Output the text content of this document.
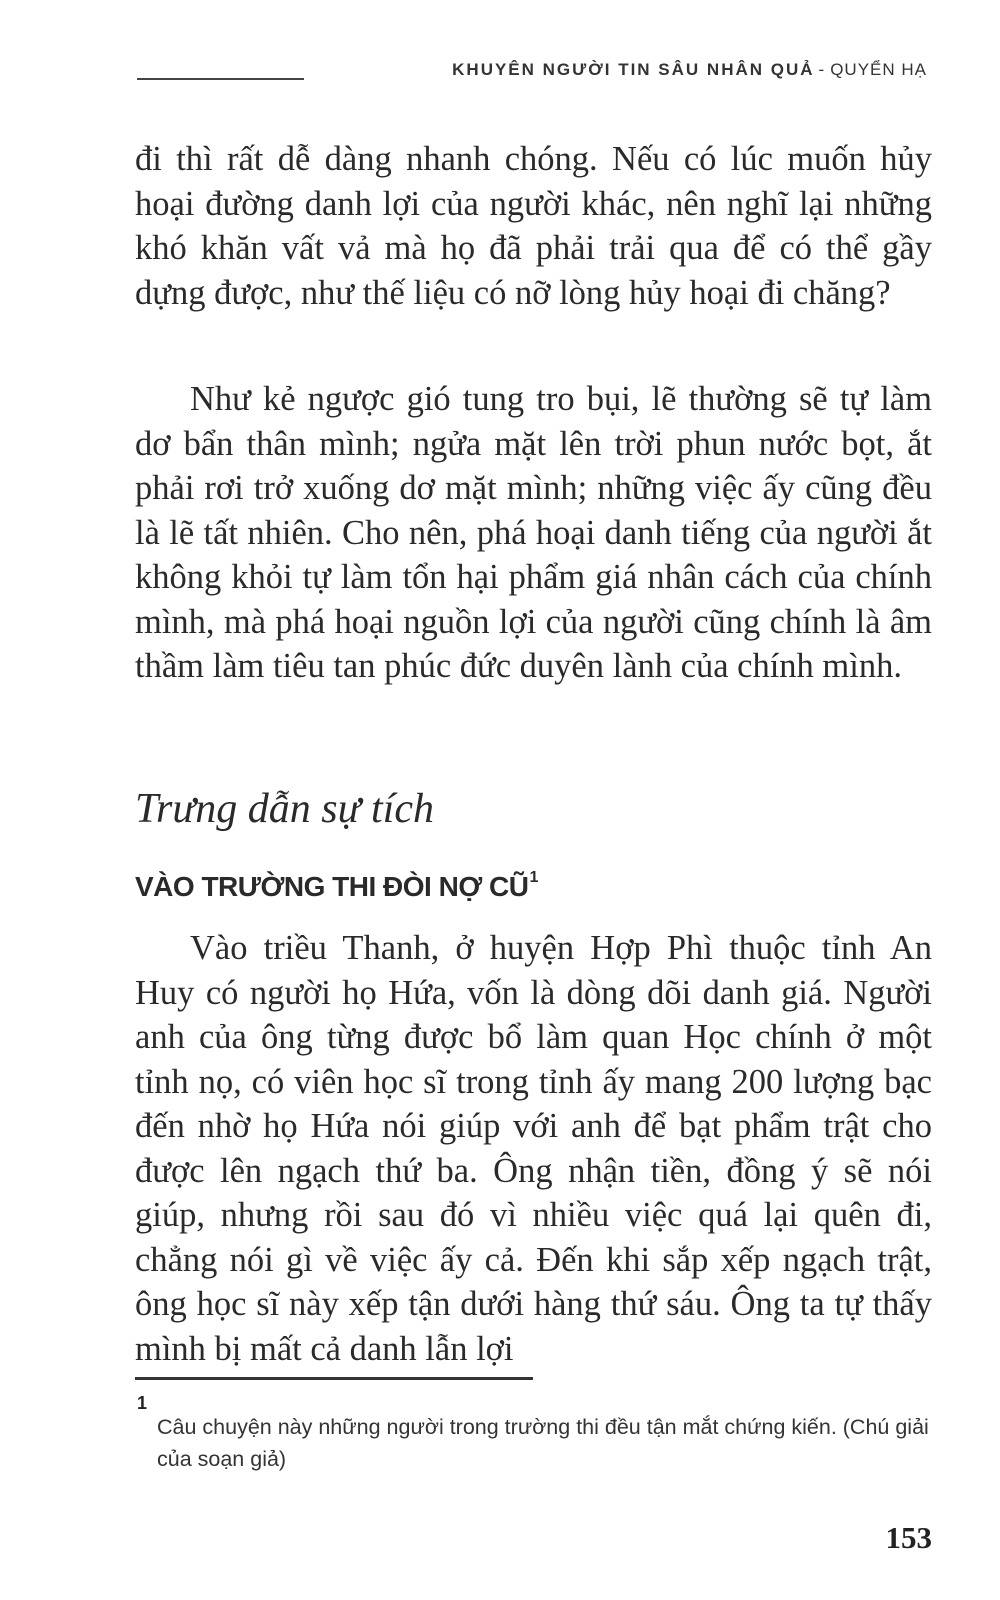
KHUYÊN NGƯỜI TIN SÂU NHÂN QUẢ - QUYỂN HẠ

đi thì rất dễ dàng nhanh chóng. Nếu có lúc muốn hủy hoại đường danh lợi của người khác, nên nghĩ lại những khó khăn vất vả mà họ đã phải trải qua để có thể gầy dựng được, như thế liệu có nỡ lòng hủy hoại đi chăng?

Như kẻ ngược gió tung tro bụi, lẽ thường sẽ tự làm dơ bẩn thân mình; ngửa mặt lên trời phun nước bọt, ắt phải rơi trở xuống dơ mặt mình; những việc ấy cũng đều là lẽ tất nhiên. Cho nên, phá hoại danh tiếng của người ắt không khỏi tự làm tổn hại phẩm giá nhân cách của chính mình, mà phá hoại nguồn lợi của người cũng chính là âm thầm làm tiêu tan phúc đức duyên lành của chính mình.

Trưng dẫn sự tích
VÀO TRƯỜNG THI ĐÒI NỢ $CŨ^1$

Vào triều Thanh, ở huyện Hợp Phì thuộc tỉnh An Huy có người họ Hứa, vốn là dòng dõi danh giá. Người anh của ông từng được bổ làm quan Học chính ở một tỉnh nọ, có viên học sĩ trong tỉnh ấy mang 200 lượng bạc đến nhờ họ Hứa nói giúp với anh để bạt phẩm trật cho được lên ngạch thứ ba. Ông nhận tiền, đồng ý sẽ nói giúp, nhưng rồi sau đó vì nhiều việc quá lại quên đi, chẳng nói gì về việc ấy cả. Đến khi sắp xếp ngạch trật, ông học sĩ này xếp tận dưới hàng thứ sáu. Ông ta tự thấy mình bị mất cả danh lẫn lợi

1

Câu chuyện này những người trong trường thi đều tận mắt chứng kiến. (Chú giải của soạn giả)

153
